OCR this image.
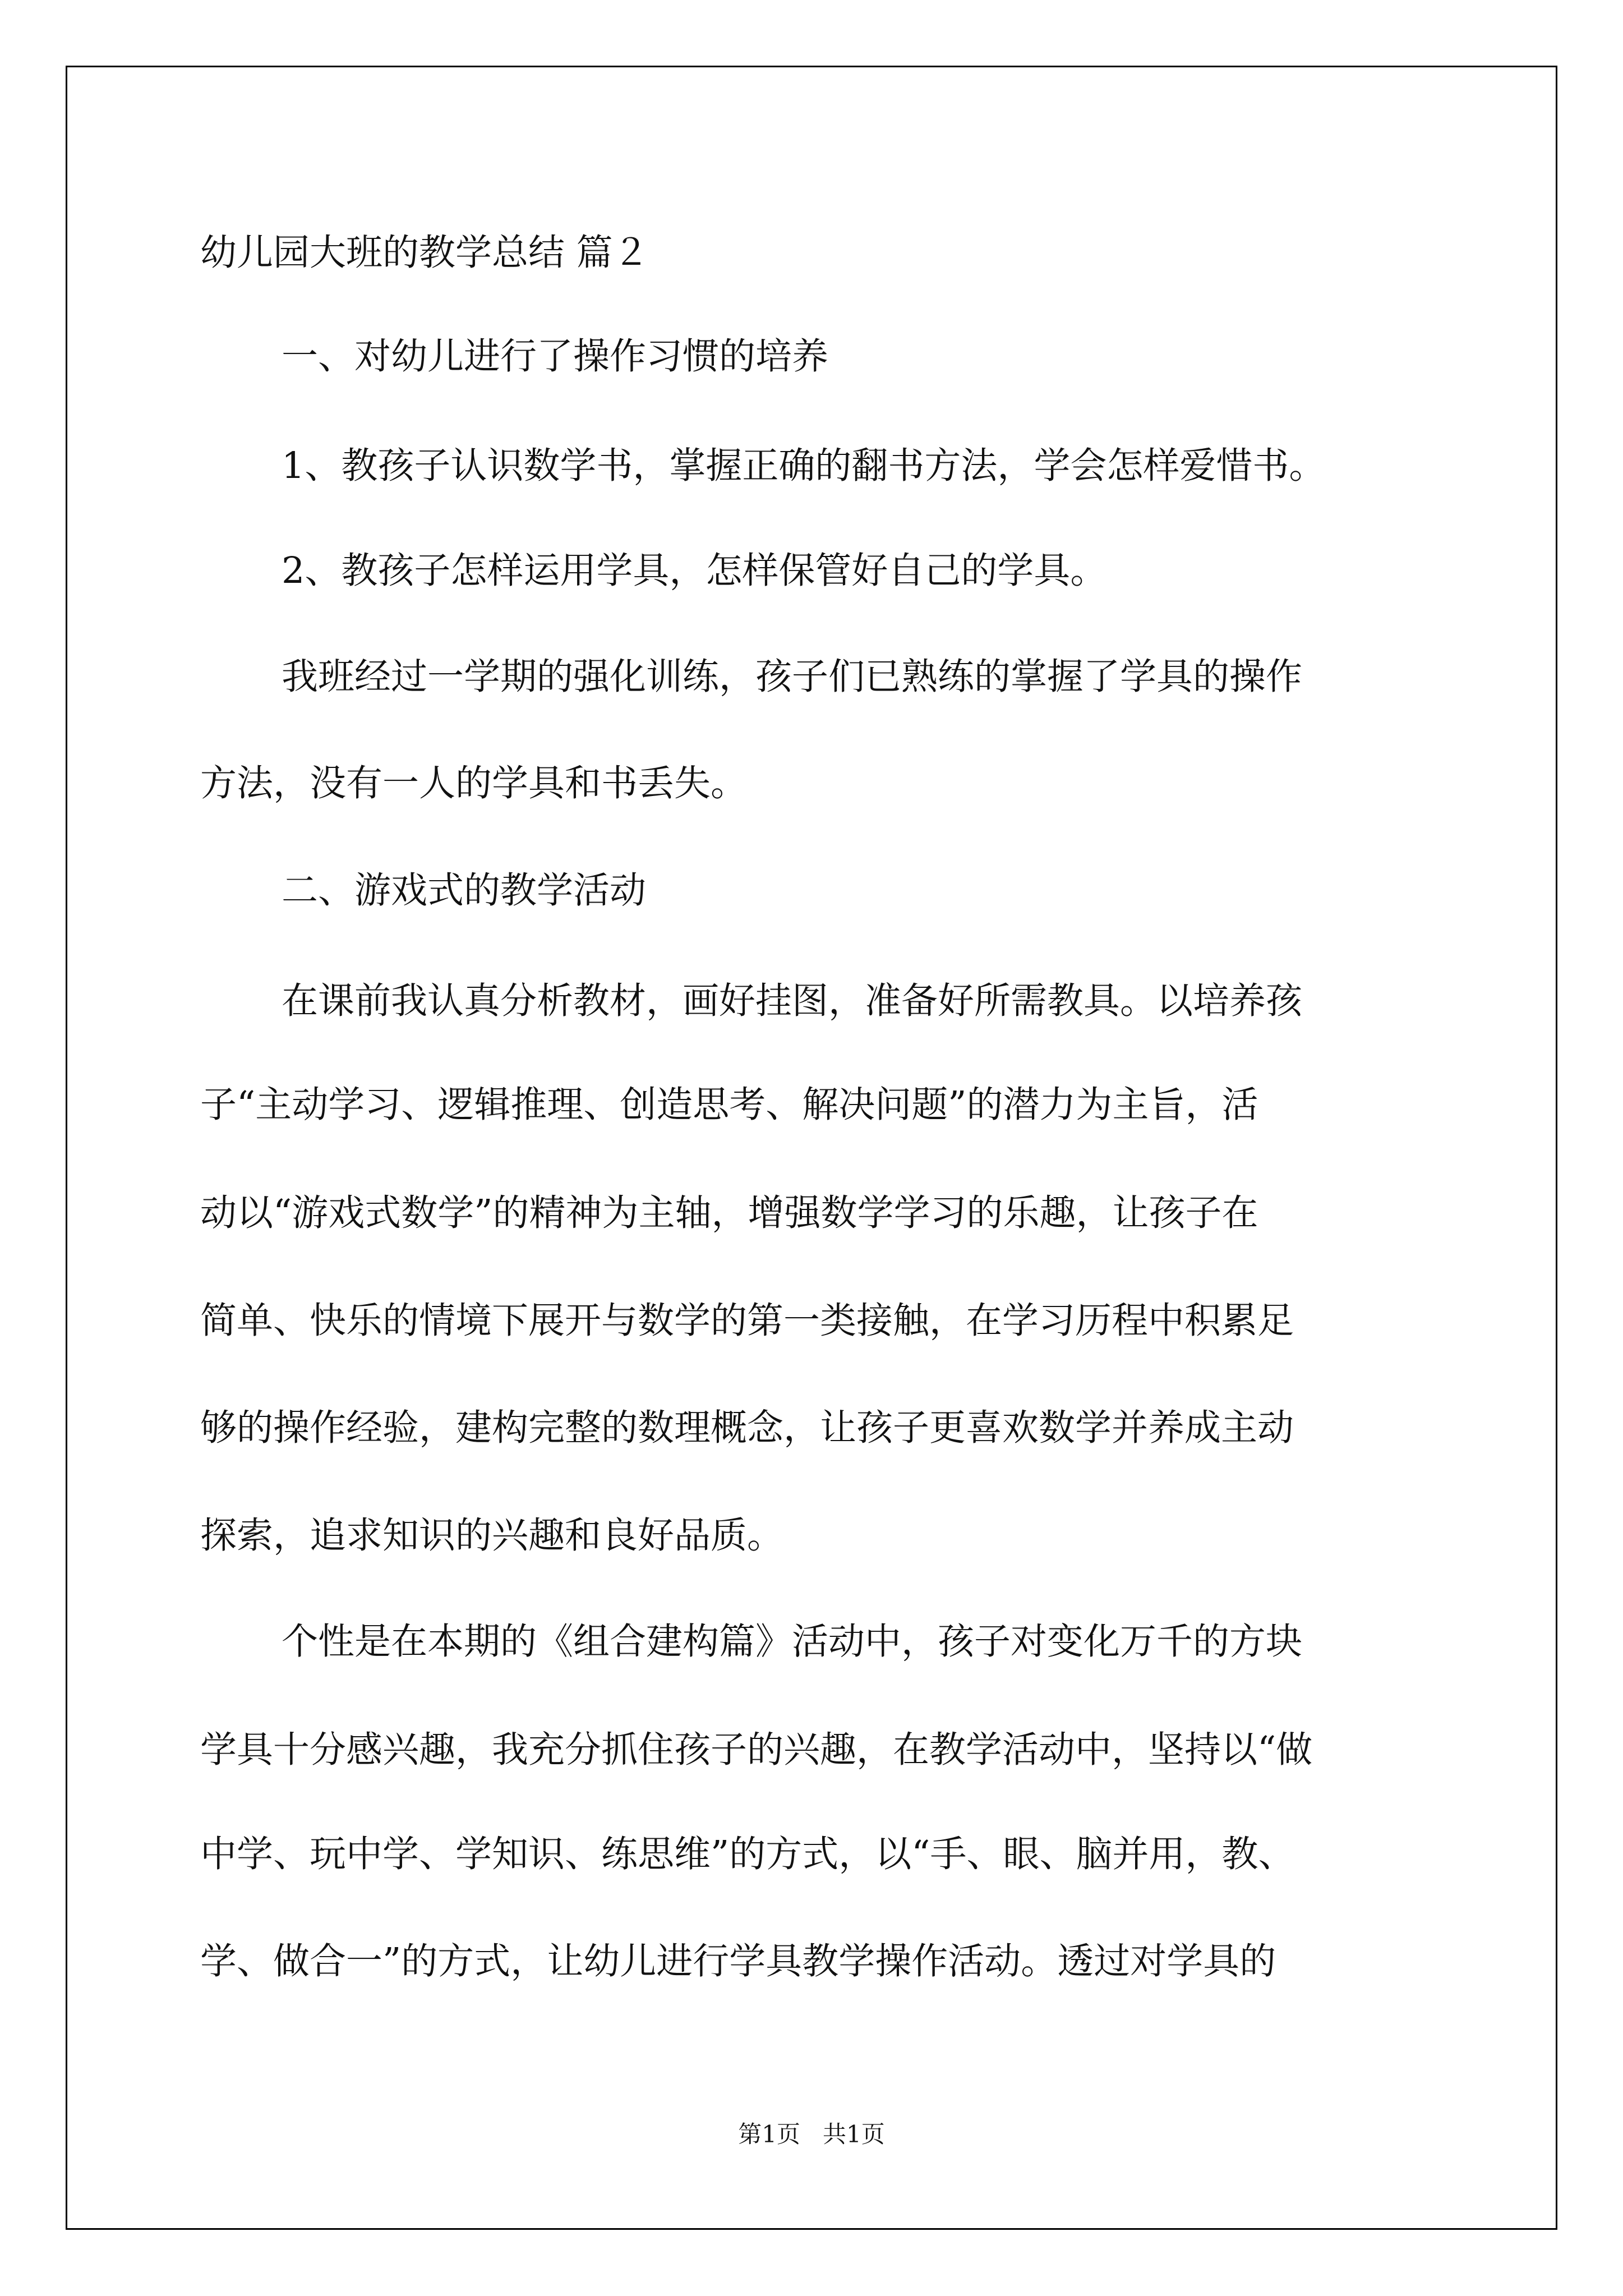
幼儿园大班的教学总结 篇２
一、对幼儿进行了操作习惯的培养
1、教孩子认识数学书，掌握正确的翻书方法，学会怎样爱惜书。
2、教孩子怎样运用学具，怎样保管好自己的学具。
我班经过一学期的强化训练，孩子们已熟练的掌握了学具的操作
方法，没有一人的学具和书丢失。
二、游戏式的教学活动
在课前我认真分析教材，画好挂图，准备好所需教具。以培养孩
子“主动学习、逻辑推理、创造思考、解决问题”的潜力为主旨，活
动以“游戏式数学”的精神为主轴，增强数学学习的乐趣，让孩子在
简单、快乐的情境下展开与数学的第一类接触，在学习历程中积累足
够的操作经验，建构完整的数理概念，让孩子更喜欢数学并养成主动
探索，追求知识的兴趣和良好品质。
个性是在本期的《组合建构篇》活动中，孩子对变化万千的方块
学具十分感兴趣，我充分抓住孩子的兴趣，在教学活动中，坚持以“做
中学、玩中学、学知识、练思维”的方式，以“手、眼、脑并用，教、
学、做合一”的方式，让幼儿进行学具教学操作活动。透过对学具的
第1页   共1页
